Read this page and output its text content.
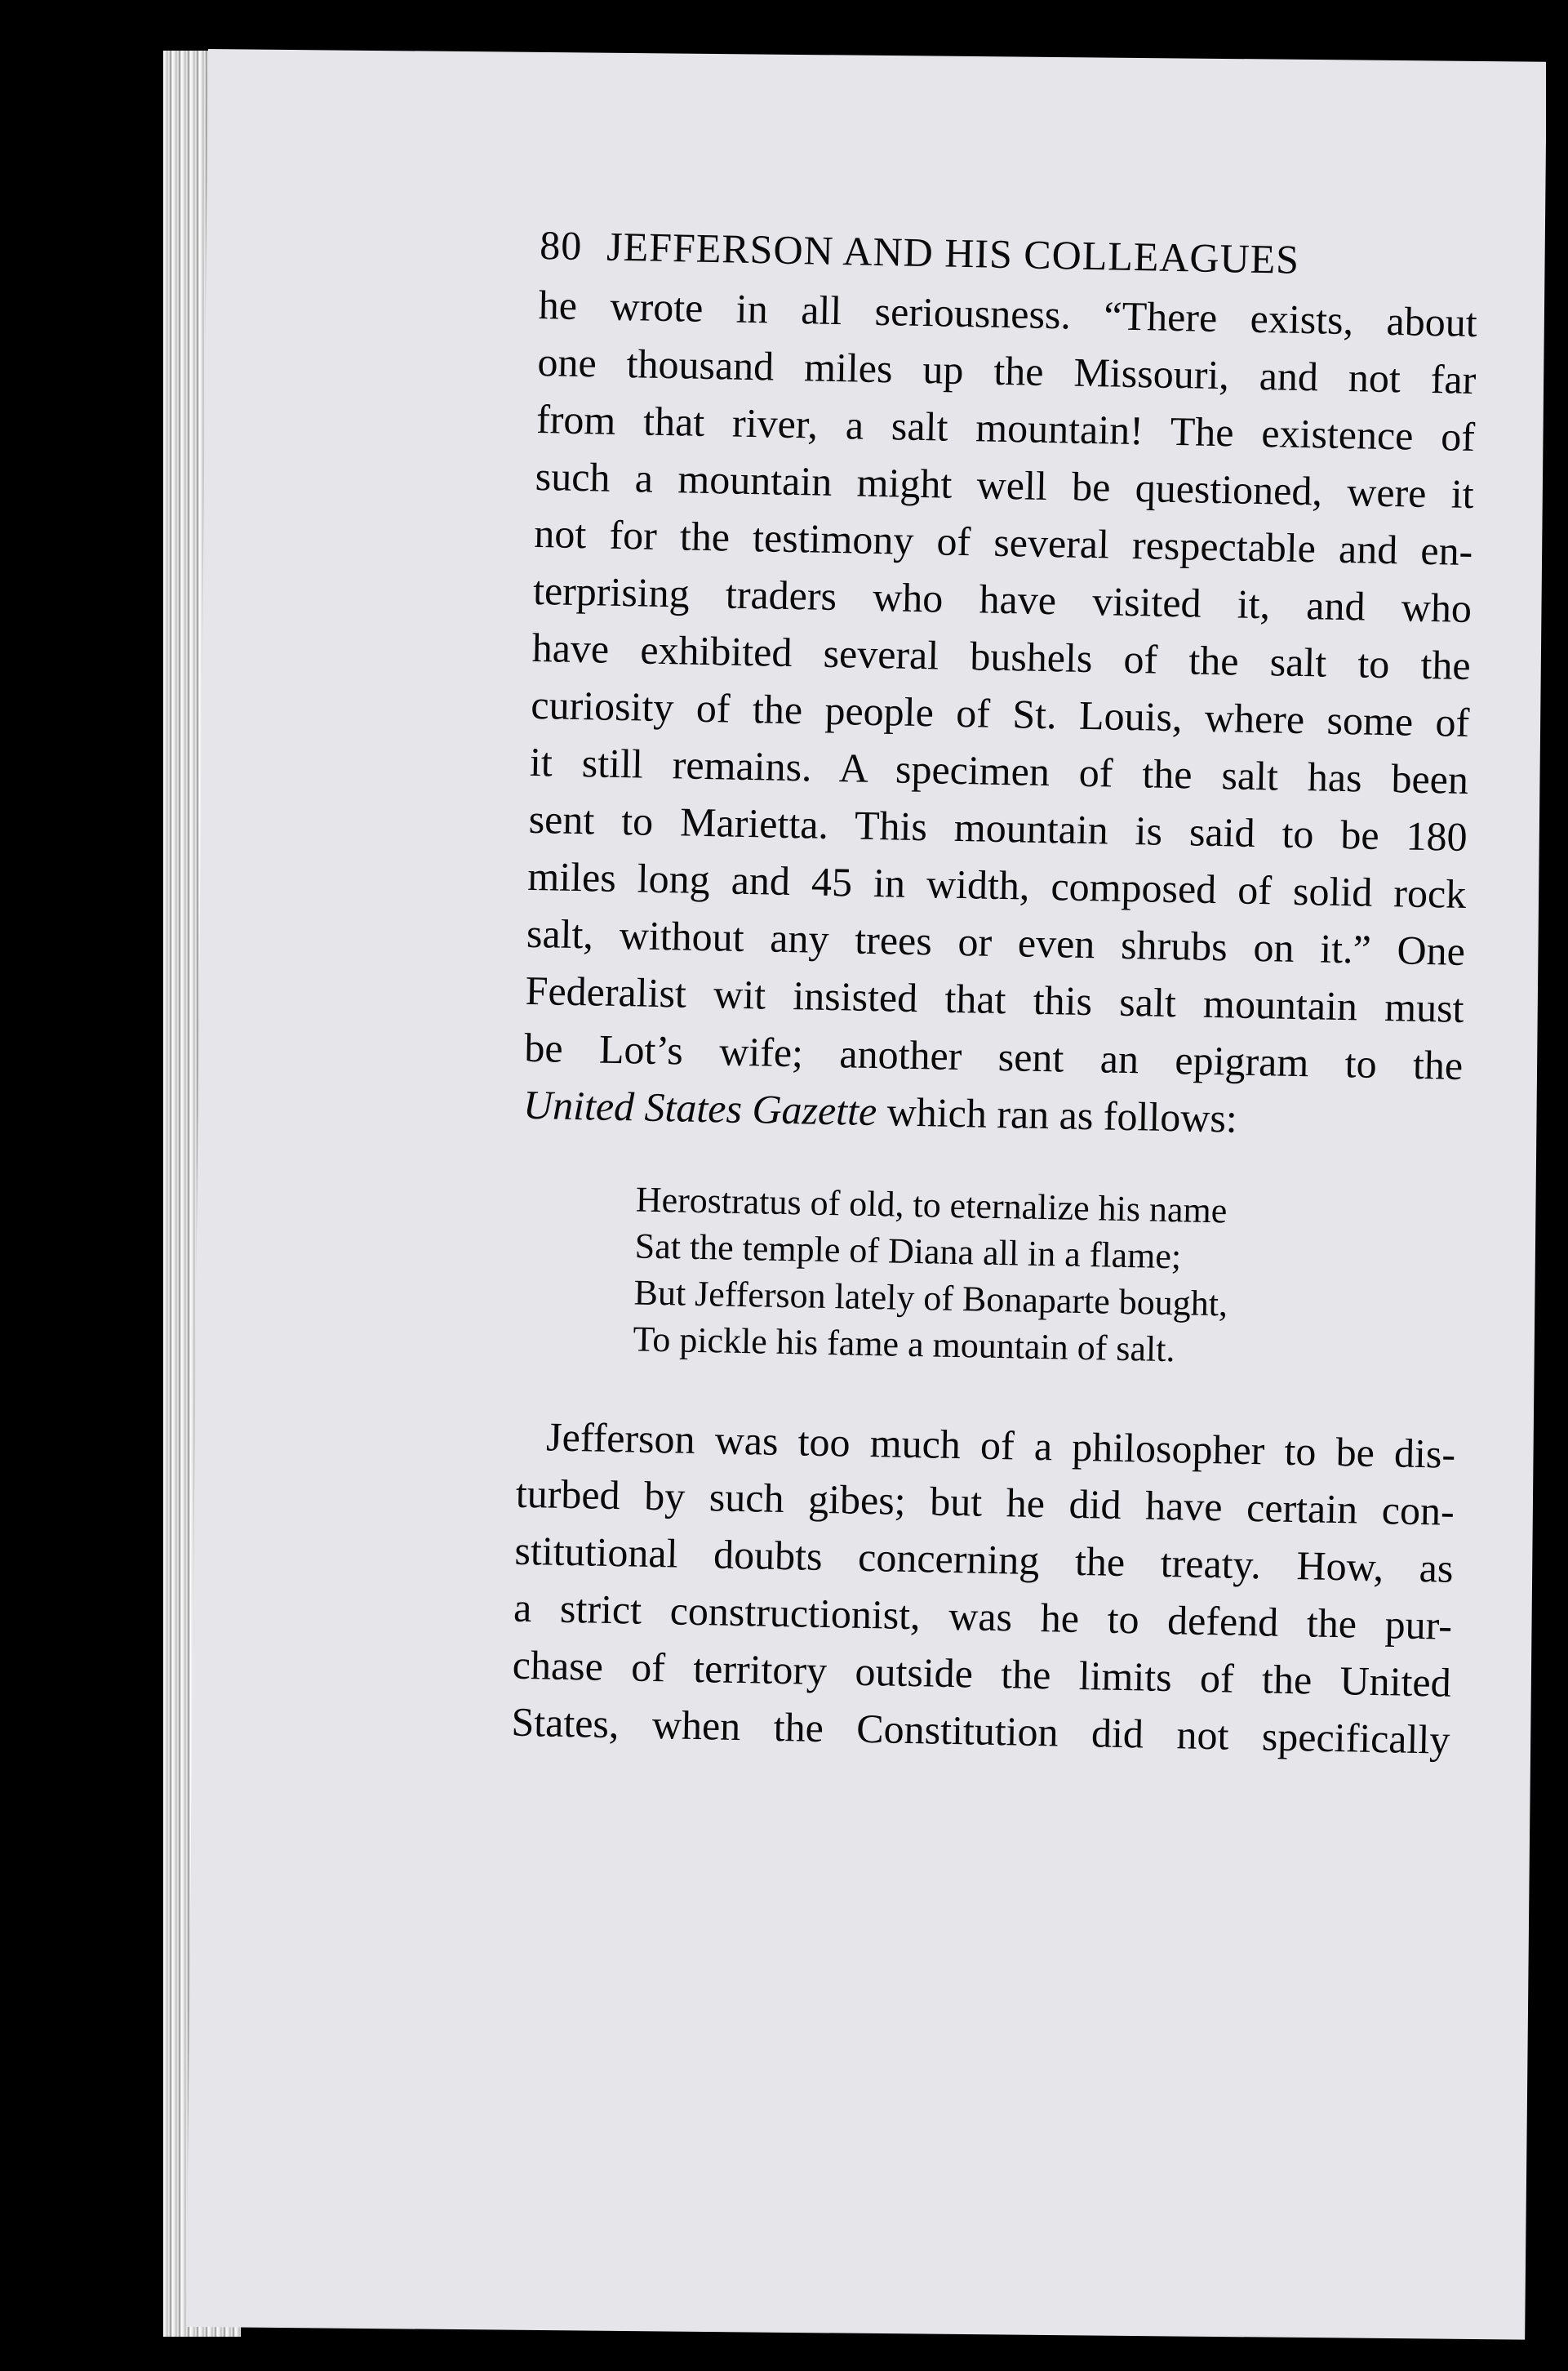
80 JEFFERSON AND HIS COLLEAGUES

he wrote in all seriousness. “There exists, about
one thousand miles up the Missouri, and not far
from that river, a salt mountain! The existence of
such a mountain might well be questioned, were it
not for the testimony of several respectable and en-
terprising traders who have visited it, and who
have exhibited several bushels of the salt to the
curiosity of the people of St. Louis, where some of
it still remains. A specimen of the salt has been
sent to Marietta. This mountain is said to be 180
miles long and 45 in width, composed of solid rock
salt, without any trees or even shrubs on it.” One
Federalist wit insisted that this salt mountain must
be Lot’s wife; another sent an epigram to the
United States Gazette which ran as follows:

Herostratus of old, to eternalize his name
Sat the temple of Diana all in a flame;
But Jefferson lately of Bonaparte bought,
To pickle his fame a mountain of salt.

Jefferson was too much of a philosopher to be dis-
turbed by such gibes; but he did have certain con-
stitutional doubts concerning the treaty. How, as
a strict constructionist, was he to defend the pur-
chase of territory outside the limits of the United
States, when the Constitution did not specifically
